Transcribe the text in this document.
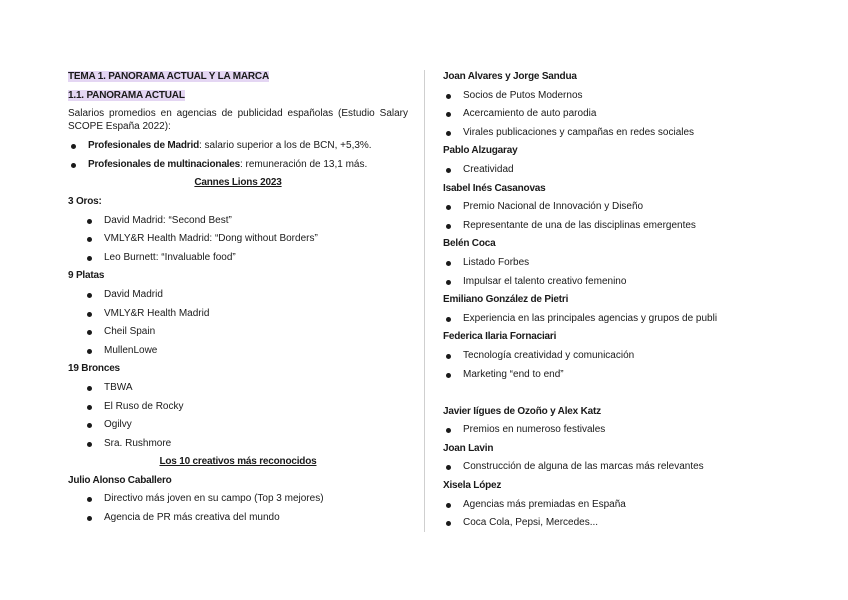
TEMA 1. PANORAMA ACTUAL Y LA MARCA
1.1. PANORAMA ACTUAL
Salarios promedios en agencias de publicidad españolas (Estudio Salary SCOPE España 2022):
Profesionales de Madrid: salario superior a los de BCN, +5,3%.
Profesionales de multinacionales: remuneración de 13,1 más.
Cannes Lions 2023
3 Oros:
David Madrid: “Second Best”
VMLY&R Health Madrid: “Dong without Borders”
Leo Burnett: “Invaluable food”
9 Platas
David Madrid
VMLY&R Health Madrid
Cheil Spain
MullenLowe
19 Bronces
TBWA
El Ruso de Rocky
Ogilvy
Sra. Rushmore
Los 10 creativos más reconocidos
Julio Alonso Caballero
Directivo más joven en su campo (Top 3 mejores)
Agencia de PR más creativa del mundo
Joan Alvares y Jorge Sandua
Socios de Putos Modernos
Acercamiento de auto parodia
Virales publicaciones y campañas en redes sociales
Pablo Alzugaray
Creatividad
Isabel Inés Casanovas
Premio Nacional de Innovación y Diseño
Representante de una de las disciplinas emergentes
Belén Coca
Listado Forbes
Impulsar el talento creativo femenino
Emiliano González de Pietri
Experiencia en las principales agencias y grupos de publi
Federica Ilaria Fornaciari
Tecnología creatividad y comunicación
Marketing “end to end”
Javier Iígues de Ozoño y Alex Katz
Premios en numeroso festivales
Joan Lavin
Construcción de alguna de las marcas más relevantes
Xisela López
Agencias más premiadas en España
Coca Cola, Pepsi, Mercedes...
